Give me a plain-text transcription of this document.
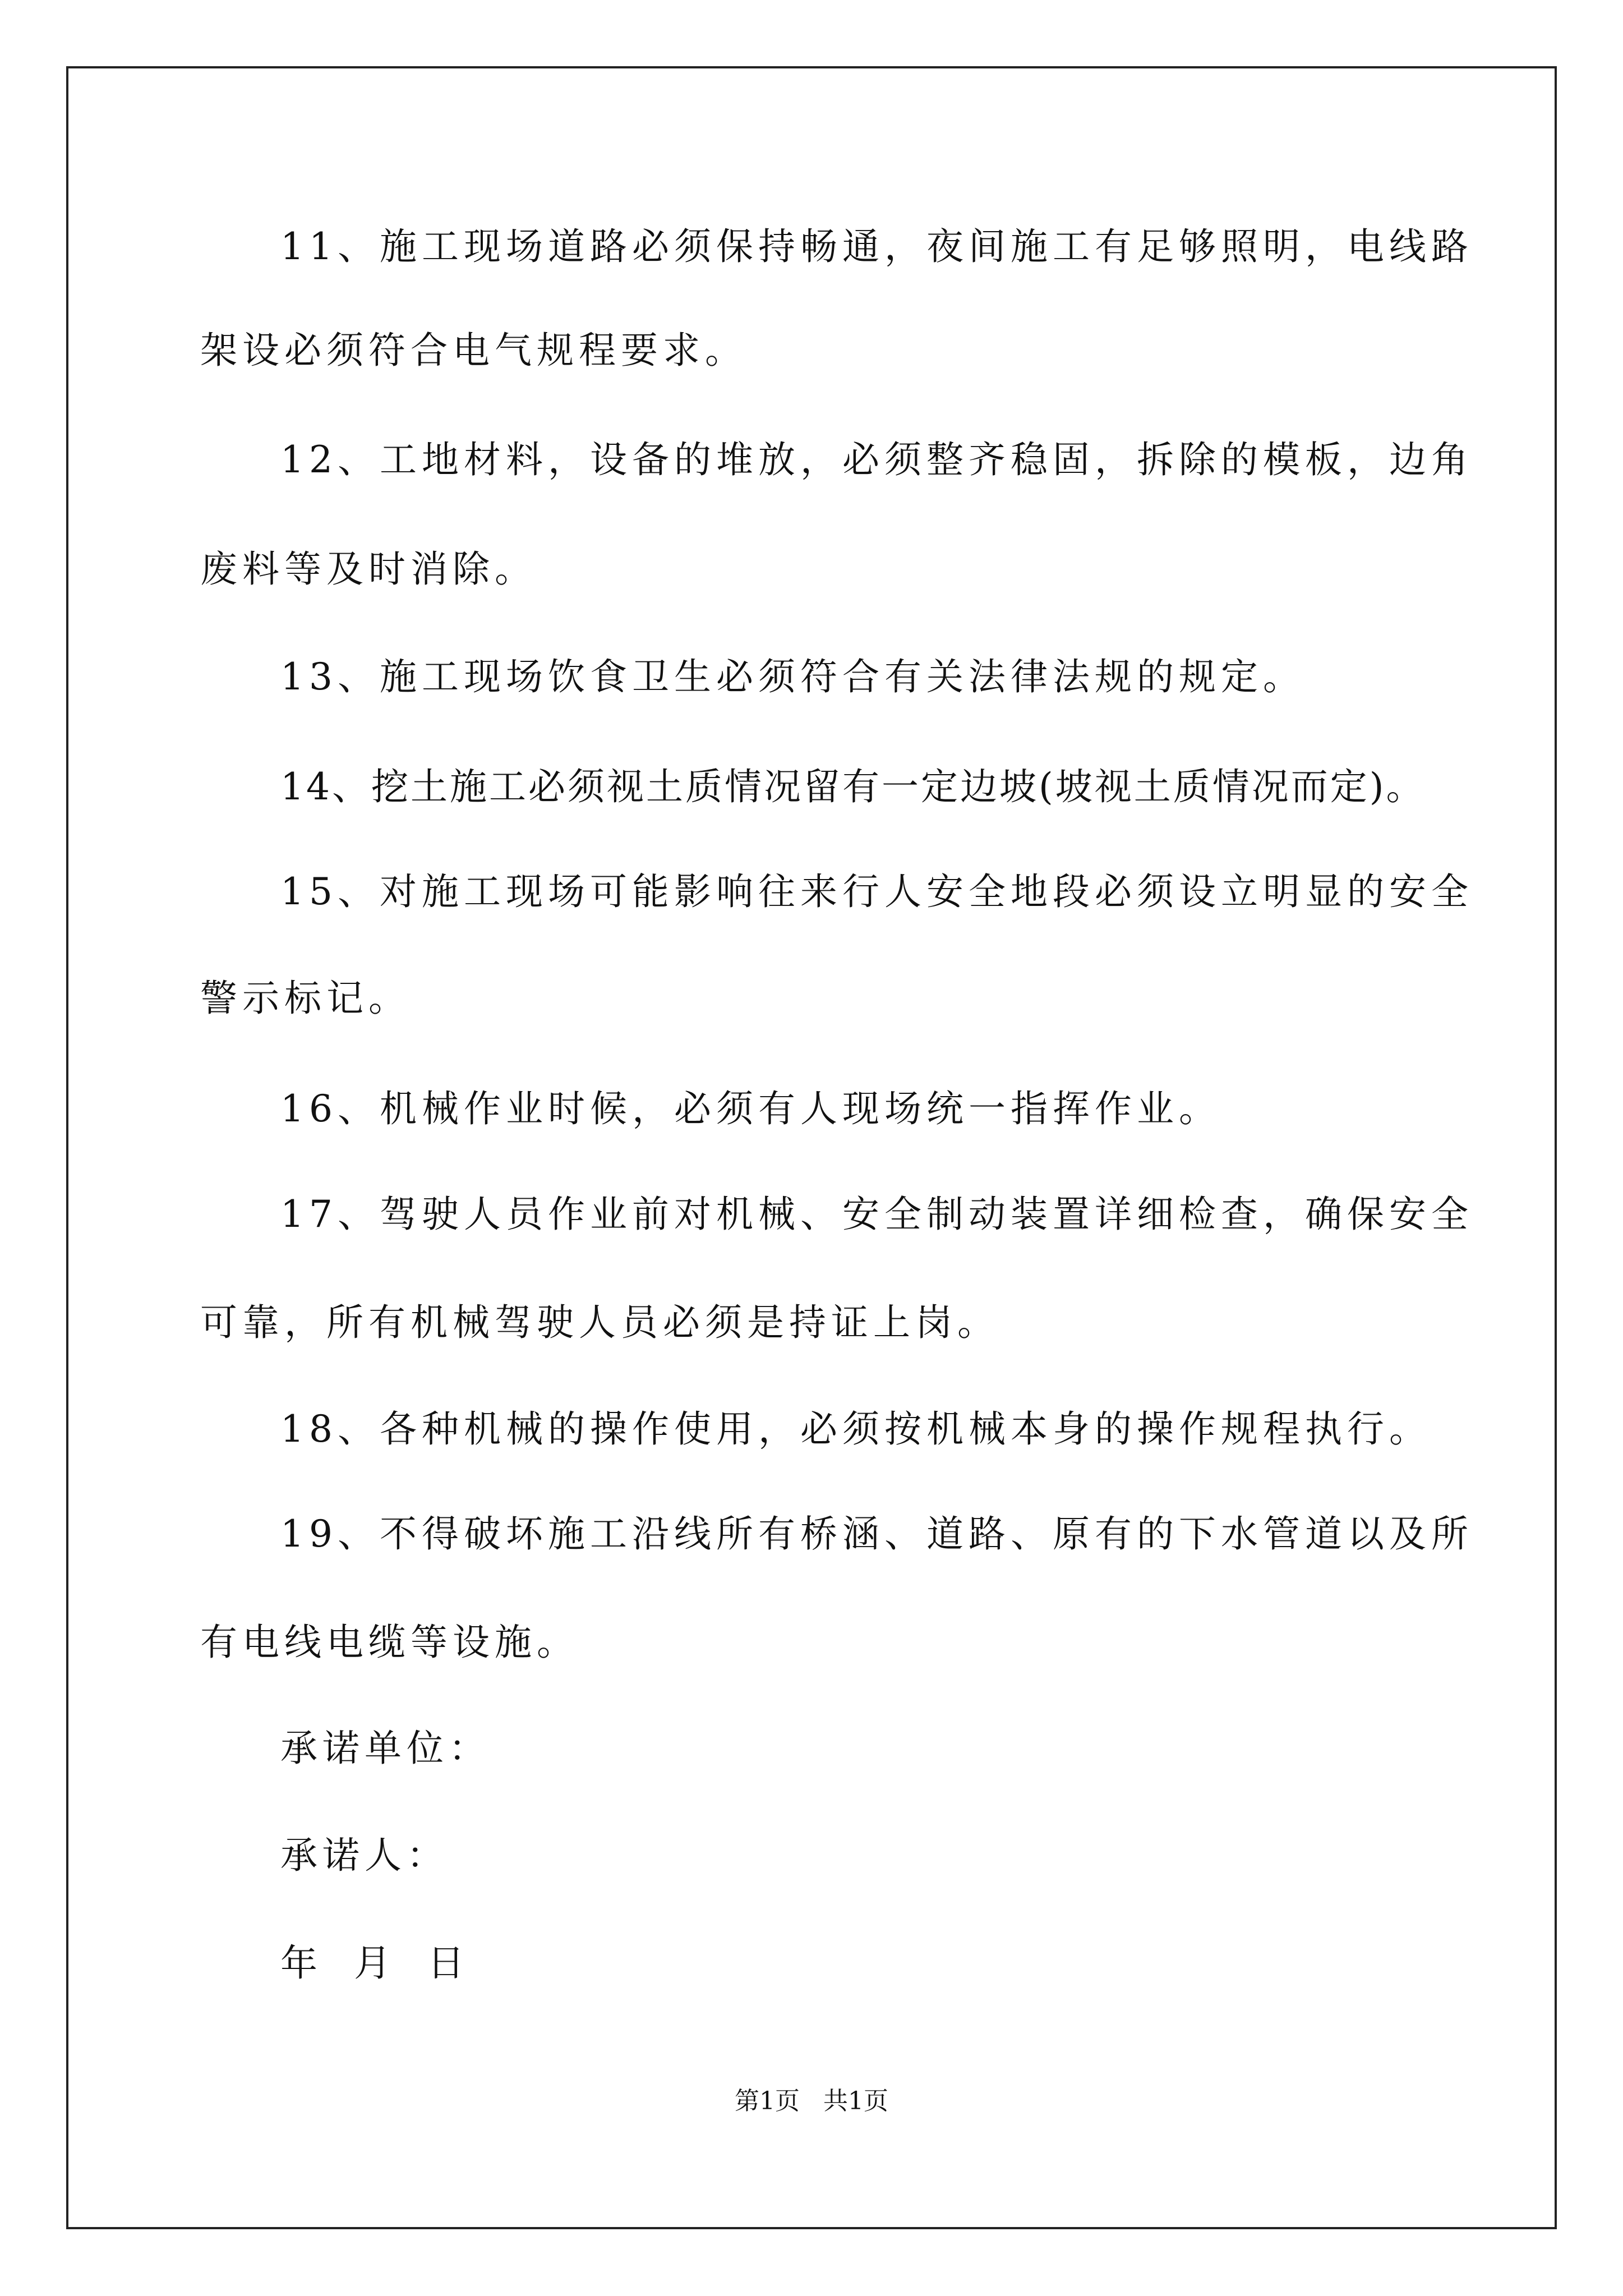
11、施工现场道路必须保持畅通，夜间施工有足够照明，电线路
架设必须符合电气规程要求。
12、工地材料，设备的堆放，必须整齐稳固，拆除的模板，边角
废料等及时消除。
13、施工现场饮食卫生必须符合有关法律法规的规定。
14、挖土施工必须视土质情况留有一定边坡(坡视土质情况而定)。
15、对施工现场可能影响往来行人安全地段必须设立明显的安全
警示标记。
16、机械作业时候，必须有人现场统一指挥作业。
17、驾驶人员作业前对机械、安全制动装置详细检查，确保安全
可靠，所有机械驾驶人员必须是持证上岗。
18、各种机械的操作使用，必须按机械本身的操作规程执行。
19、不得破坏施工沿线所有桥涵、道路、原有的下水管道以及所
有电线电缆等设施。
承诺单位：
承诺人：
年 月 日
第1页   共1页
